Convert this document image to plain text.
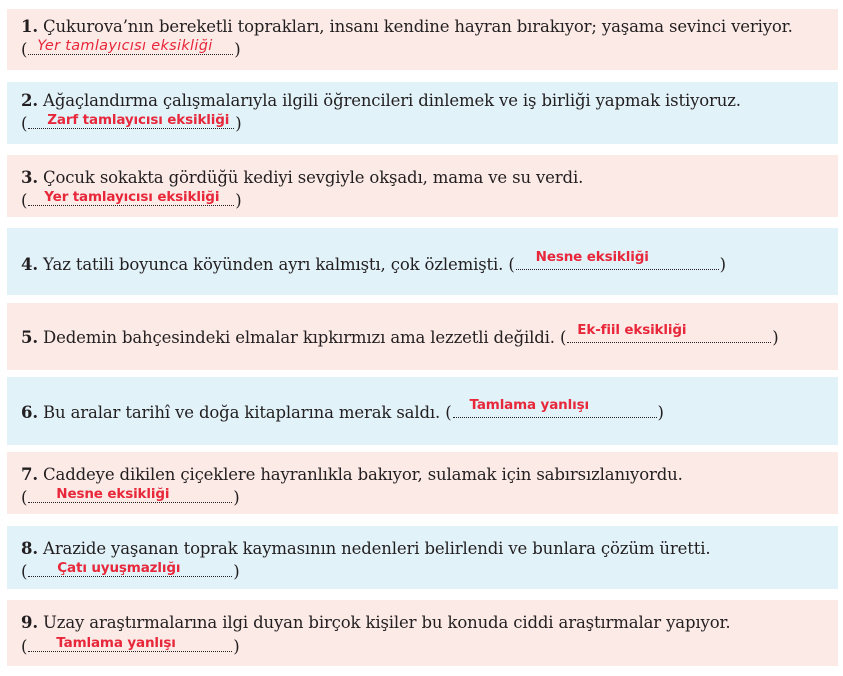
1. Çukurova’nın bereketli toprakları, insanı kendine hayran bırakıyor; yaşama sevinci veriyor.
( Yer tamlayıcısı eksikliği )
2. Ağaçlandırma çalışmalarıyla ilgili öğrencileri dinlemek ve iş birliği yapmak istiyoruz.
( Zarf tamlayıcısı eksikliği )
3. Çocuk sokakta gördüğü kediyi sevgiyle okşadı, mama ve su verdi.
( Yer tamlayıcısı eksikliği )
4. Yaz tatili boyunca köyünden ayrı kalmıştı, çok özlemişti. ( Nesne eksikliği	)
5. Dedemin bahçesindeki elmalar kıpkırmızı ama lezzetli değildi. ( Ek-fiil eksikliği	)
6. Bu aralar tarihî ve doğa kitaplarına merak saldı. ( Tamlama yanlışı	)
7. Caddeye dikilen çiçeklere hayranlıkla bakıyor, sulamak için sabırsızlanıyordu.
( Nesne eksikliği	)
8. Arazide yaşanan toprak kaymasının nedenleri belirlendi ve bunlara çözüm üretti.
( Çatı uyuşmazlığı	)
9. Uzay araştırmalarına ilgi duyan birçok kişiler bu konuda ciddi araştırmalar yapıyor.
( Tamlama yanlışı	)
